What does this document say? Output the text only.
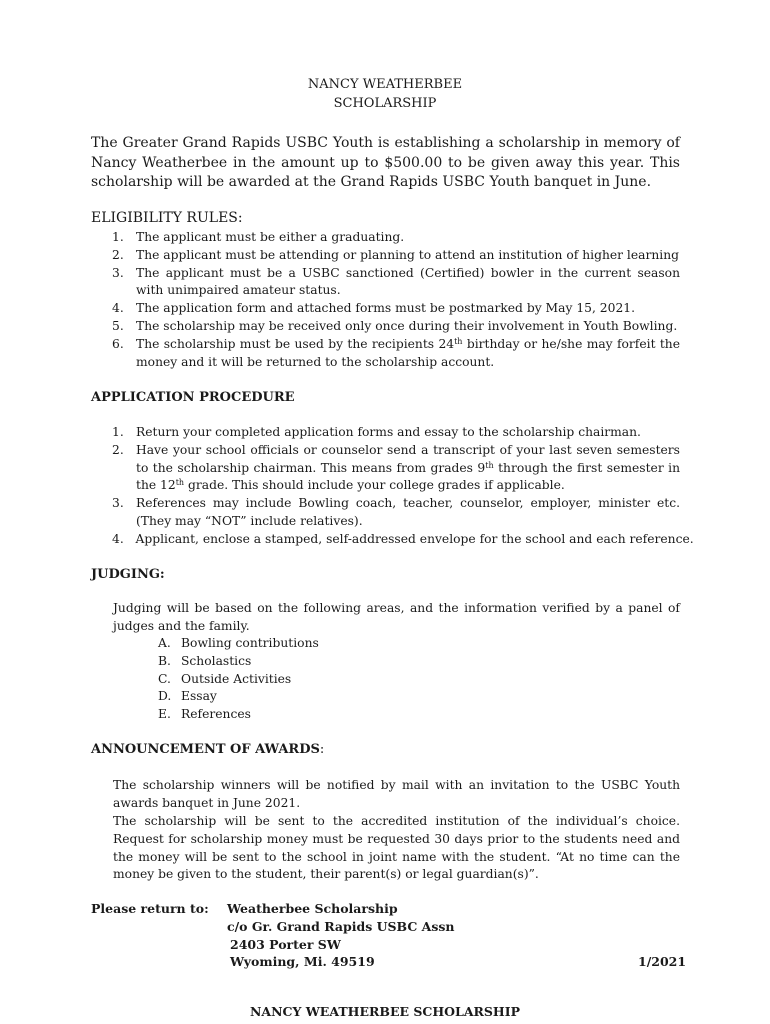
NANCY WEATHERBEE
SCHOLARSHIP
The Greater Grand Rapids USBC Youth is establishing a scholarship in memory of Nancy Weatherbee in the amount up to $500.00 to be given away this year. This scholarship will be awarded at the Grand Rapids USBC Youth banquet in June.
ELIGIBILITY RULES:
1. The applicant must be either a graduating.
2. The applicant must be attending or planning to attend an institution of higher learning
3. The applicant must be a USBC sanctioned (Certified) bowler in the current season with unimpaired amateur status.
4. The application form and attached forms must be postmarked by May 15, 2021.
5. The scholarship may be received only once during their involvement in Youth Bowling.
6. The scholarship must be used by the recipients 24th birthday or he/she may forfeit the money and it will be returned to the scholarship account.
APPLICATION PROCEDURE
1. Return your completed application forms and essay to the scholarship chairman.
2. Have your school officials or counselor send a transcript of your last seven semesters to the scholarship chairman. This means from grades 9th through the first semester in the 12th grade. This should include your college grades if applicable.
3. References may include Bowling coach, teacher, counselor, employer, minister etc. (They may “NOT” include relatives).
4. Applicant, enclose a stamped, self-addressed envelope for the school and each reference.
JUDGING:
Judging will be based on the following areas, and the information verified by a panel of judges and the family.
A. Bowling contributions
B. Scholastics
C. Outside Activities
D. Essay
E. References
ANNOUNCEMENT OF AWARDS:
The scholarship winners will be notified by mail with an invitation to the USBC Youth awards banquet in June 2021.
The scholarship will be sent to the accredited institution of the individual’s choice. Request for scholarship money must be requested 30 days prior to the students need and the money will be sent to the school in joint name with the student. “At no time can the money be given to the student, their parent(s) or legal guardian(s)”.
Please return to: Weatherbee Scholarship
c/o Gr. Grand Rapids USBC Assn
2403 Porter SW
Wyoming, Mi. 49519	1/2021
NANCY WEATHERBEE SCHOLARSHIP
